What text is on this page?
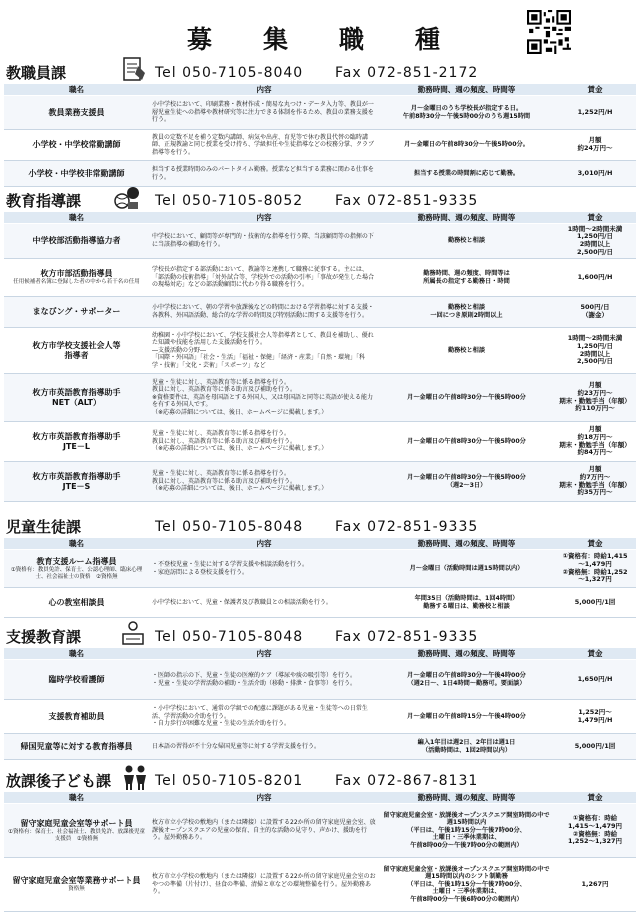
募　集　職　種
教職員課	Tel 050-7105-8040 Fax 072-851-2172
職名	内容	勤務時間、週の頻度、時間等	賃金
教員業務支援員	小中学校において、印刷業務・教材作成・簡易な丸つけ・データ入力等、教員が一層児童生徒への指導や教材研究等に注力できる体制を作るため、教員の業務支援を行う。	月～金曜日のうち学校長が指定する日。
午前8時30分～午後5時00分のうち週15時間	1,252円/H
小学校・中学校常勤講師	教員の定数不足を補う定数内講師、病気や出産、育児等で休む教員代替の臨時講師、正規教諭と同じ授業を受け持ち、学級担任や生徒指導などの校務分掌、クラブ指導等を行う。	月～金曜日の午前8時30分～午後5時00分。	月額
約24万円～
小学校・中学校非常勤講師	担当する授業時間のみのパートタイム勤務。授業など担当する業務に関わる仕事を行う。	担当する授業の時間割に応じて勤務。	3,010円/H
教育指導課	Tel 050-7105-8052 Fax 072-851-9335
職名	内容	勤務時間、週の頻度、時間等	賃金
中学校部活動指導協力者	中学校において、顧問等が専門的・技術的な指導を行う際、当該顧問等の指揮の下に当該指導の補助を行う。	勤務校と相談	1時間～2時間未満
1,250円/日
2時間以上
2,500円/日
枚方市部活動指導員
任用候補者名簿に登録した者の中から若干名の任用	学校長が指定する部活動において、教諭等と連携して職務に従事する。主には、「部活動の技術指導」「対外試合等、学校外での活動の引率」「事故が発生した場合の現場対応」などの部活動顧問に代わり得る職務を行う。	勤務時間、週の頻度、時間等は
所属長の指定する勤務日・時間	1,600円/H
まなびング・サポーター	小中学校において、朝の学習や放課後などの時間における学習指導に対する支援・各教科、外国語活動、総合的な学習の時間及び特別活動に関する支援等を行う。	勤務校と相談
一回につき原則2時間以上	500円/日
（謝金）
枚方市学校支援社会人等
指導者	幼稚園・小中学校において、学校支援社会人等指導者として、教員を補助し、優れた知識や技能を活用した支援活動を行う。
―支援活動の分野―
「国際・外国語」「社会・生活」「福祉・保健」「経済・産業」「自然・環境」「科学・技術」「文化・芸術」「スポーツ」など	勤務校と相談	1時間～2時間未満
1,250円/日
2時間以上
2,500円/日
枚方市英語教育指導助手
NET（ALT）	児童・生徒に対し、英語教育等に係る指導を行う。
教員に対し、英語教育等に係る助言及び補助を行う。
※資格要件は、英語を母国語とする外国人、又は母国語と同等に英語が使える能力を有する外国人です。
（※応募の詳細については、後日、ホームページに掲載します。）	月～金曜日の午前8時30分～午後5時00分	月額
約23万円～
期末・勤勉手当（年額）
約110万円～
枚方市英語教育指導助手
JTE－L	児童・生徒に対し、英語教育等に係る指導を行う。
教員に対し、英語教育等に係る助言及び補助を行う。
（※応募の詳細については、後日、ホームページに掲載します。）	月～金曜日の午前8時30分～午後5時00分	月額
約18万円～
期末・勤勉手当（年額）
約84万円～
枚方市英語教育指導助手
JTE－S	児童・生徒に対し、英語教育等に係る指導を行う。
教員に対し、英語教育等に係る助言及び補助を行う。
（※応募の詳細については、後日、ホームページに掲載します。）	月～金曜日の午前8時30分～午後5時00分
（週2～3日）	月額
約7万円～
期末・勤勉手当（年額）
約35万円～
児童生徒課	Tel 050-7105-8048 Fax 072-851-9335
職名	内容	勤務時間、週の頻度、時間等	賃金
教育支援ルーム指導員
①資格有：教員免許、保育士、公認心理師、臨床心理士、社会福祉士の資格　②資格無	・不登校児童・生徒に対する学習支援や相談活動を行う。
・家庭訪問による登校支援を行う。	月～金曜日（活動時間は週15時間以内）	①資格有：時給1,415
～1,479円
②資格無：時給1,252
～1,327円
心の教室相談員	小中学校において、児童・保護者及び教職員との相談活動を行う。	年間35日（活動時間は、1回4時間）
勤務する曜日は、勤務校と相談	5,000円/1回
支援教育課	Tel 050-7105-8048 Fax 072-851-9335
職名	内容	勤務時間、週の頻度、時間等	賃金
臨時学校看護師	・医師の指示の下、児童・生徒の医療的ケア（導尿や痰の吸引等）を行う。
・児童・生徒の学習活動の補助・生活介助（移動・排泄・食事等）を行う。	月～金曜日の午前8時30分～午後4時00分
（週2日～、1日4時間～勤務可。要面談）	1,650円/H
支援教育補助員	・小中学校において、通常の学級での配慮に課題がある児童・生徒等への日常生活、学習活動の介助を行う。
・自力歩行が困難な児童・生徒の生活介助を行う。	月～金曜日の午前8時15分～午後4時00分	1,252円～
1,479円/H
帰国児童等に対する教育指導員	日本語の習得が不十分な帰国児童等に対する学習支援を行う。	編入1年目は週2日、2年目は週1日
（活動時間は、1回2時間以内）	5,000円/1回
放課後子ども課	Tel 050-7105-8201 Fax 072-867-8131
職名	内容	勤務時間、週の頻度、時間等	賃金
留守家庭児童会室等サポート員
①資格有：保育士、社会福祉士、教員免許、放課後児童支援員　②資格無	枚方市立小学校の敷地内（または隣接）に設置する22か所の留守家庭児童会室、放課後オープンスクエアの児童の保育、自主的な活動の見守り、声かけ、援助を行う。屋外勤務あり。	留守家庭児童会室・放課後オープンスクエア開室時間の中で週15時間以内
（平日は、午後1時15分～午後7時00分、
土曜日・三季休業期は、
午前8時00分～午後7時00分の範囲内）	①資格有：時給
1,415～1,479円
②資格無：時給
1,252～1,327円
留守家庭児童会室等業務サポート員
資格無	枚方市立小学校の敷地内（または隣接）に設置する22か所の留守家庭児童会室のおやつの準備（片付け）、昼食の準備、清掃と車などの環境整備を行う。屋外勤務あり。	留守家庭児童会室・放課後オープンスクエア開室時間の中で週15時間以内のシフト制勤務
（平日は、午後1時15分～午後7時00分、
土曜日・三季休業期は、
午前8時00分～午後6時00分の範囲内）	1,267円
